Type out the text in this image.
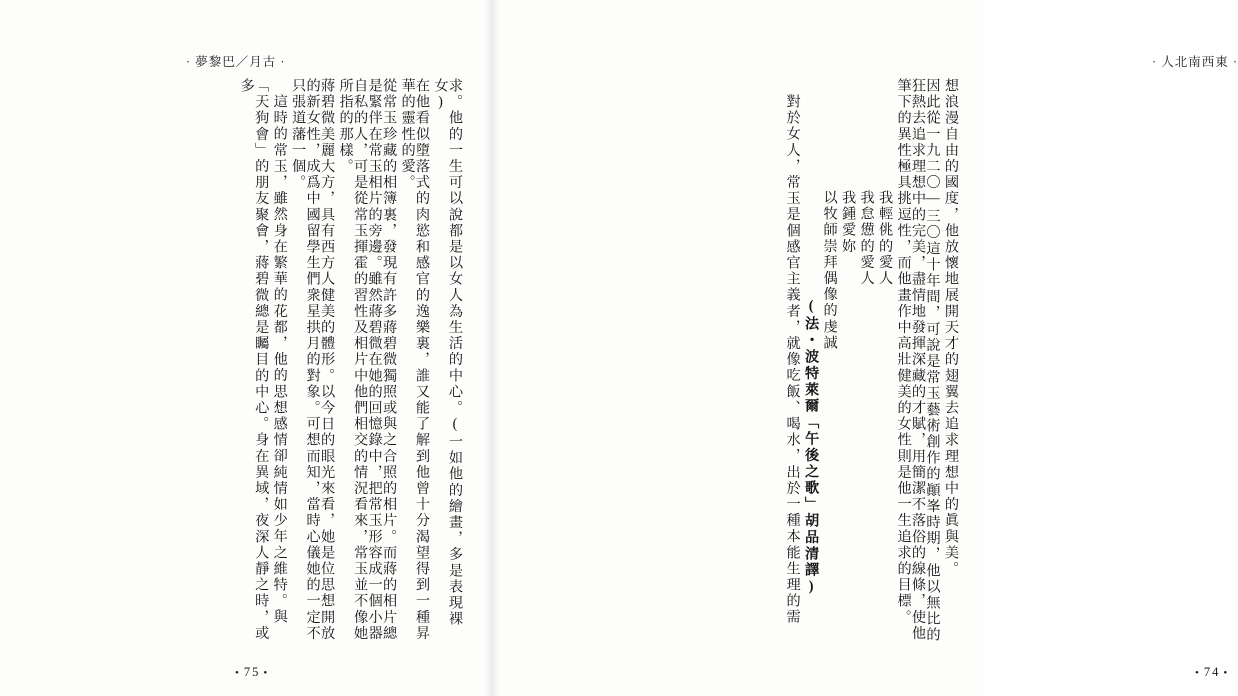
· 夢黎巴／月古 ·
求。他的一生可以說都是以女人為生活的中心。(一如他的繪畫，多是表現裸女)
在他看似墮落式的肉慾和感官的逸樂裏，誰又能了解到他曾十分渴望得到一種昇華的靈性的愛。
從常玉珍藏的相簿裏，發現有許多蔣碧微獨照或與之合照的相片。而蔣的相片總是緊伴在常玉相片的旁邊。雖然蔣碧微在她的回憶錄中，把常玉形容成一個小器自私的人，可是從常玉揮霍的習性及相片中他們相交的情況看來，常玉並不像她所指的那樣。
蔣碧微美麗大方，具有西方人健美的體形。以今日的眼光來看，她是位思想開放的新女性，成爲中國留學生們衆星拱月的對象。可想而知，當時心儀她的一定不只張道藩一個。
這時的常玉，雖然身在繁華的花都，他的思想感情卻純情如少年之維特。與
「天狗會」的朋友聚會，蔣碧微總是矚目的中心。身在異域，夜深人靜之時，或多
• 75 •
· 人北南西東 ·
想浪漫自由的國度，他放懷地展開天才的翅翼去追求理想中的眞與美。
因此從一九二〇―三〇這十年間，可說是常玉藝術創作的顚峯時期，他以無比的狂熱去追求理想中的完美，盡情地發揮深藏的才賦，用簡潔不落俗的線條，使他筆下的異性極具挑逗性，而他畫作中高壯健美的女性則是他一生追求的目標。
我輕佻的愛人
我怠憊的愛人
我鍾愛妳
以牧師崇拜偶像的虔誠
(法・波特萊爾「午後之歌」胡品清譯)
對於女人，常玉是個感官主義者，就像吃飯、喝水，出於一種本能生理的需
• 74 •
